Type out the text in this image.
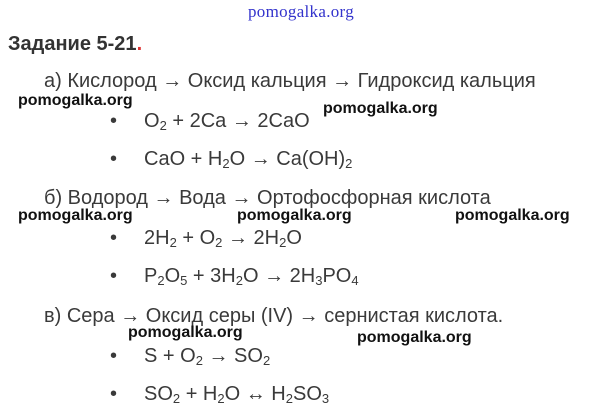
pomogalka.org
Задание 5-21.
а) Кислород → Оксид кальция → Гидроксид кальция
pomogalka.org	pomogalka.org
• $O_2 + 2Ca \to 2CaO$
• CaO + $H_2O \to Ca(OH)_2$
б) Водород → Вода → Ортофосфорная кислота
pomogalka.org	pomogalka.org	pomogalka.org
• $2H_2 + O_2 \to 2H_2O$
• $P_2O_5 + 3H_2O \to 2H_3PO_4$
в) Сера → Оксид серы (IV) → сернистая кислота.
pomogalka.org	pomogalka.org
• $S + O_2 \to SO_2$
• $SO_2 + H_2O$ ↔ $H_2SO_3$
